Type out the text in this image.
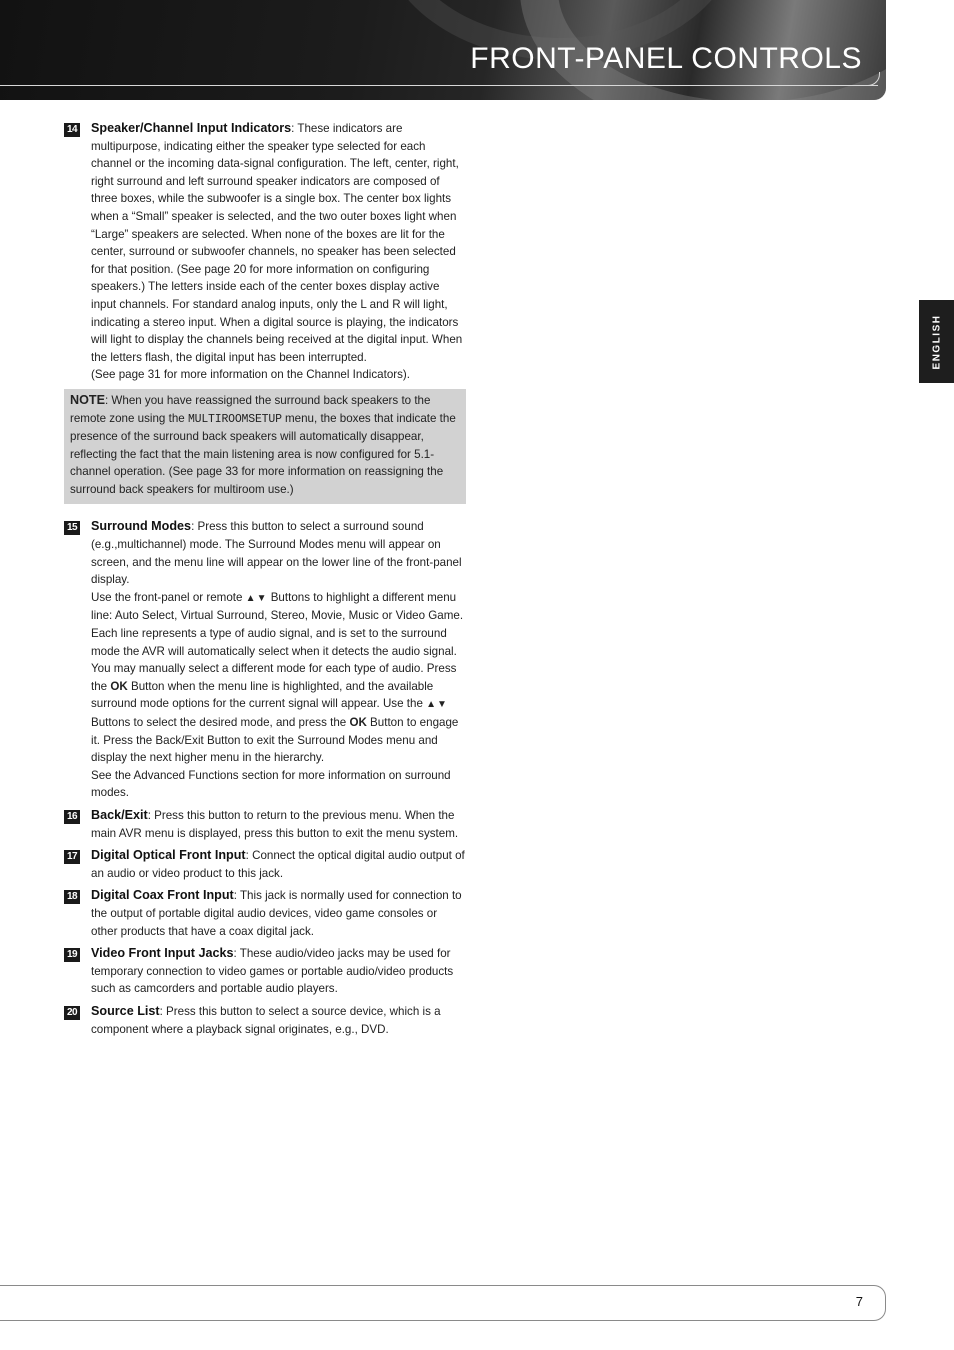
FRONT-PANEL CONTROLS
ENGLISH
14 Speaker/Channel Input Indicators: These indicators are multipurpose, indicating either the speaker type selected for each channel or the incoming data-signal configuration. The left, center, right, right surround and left surround speaker indicators are composed of three boxes, while the subwoofer is a single box. The center box lights when a “Small” speaker is selected, and the two outer boxes light when “Large” speakers are selected. When none of the boxes are lit for the center, surround or subwoofer channels, no speaker has been selected for that position. (See page 20 for more information on configuring speakers.) The letters inside each of the center boxes display active input channels. For standard analog inputs, only the L and R will light, indicating a stereo input. When a digital source is playing, the indicators will light to display the channels being received at the digital input. When the letters flash, the digital input has been interrupted.
(See page 31 for more information on the Channel Indicators).
NOTE: When you have reassigned the surround back speakers to the remote zone using the MULTIROOMSETUP menu, the boxes that indicate the presence of the surround back speakers will automatically disappear, reflecting the fact that the main listening area is now configured for 5.1-channel operation. (See page 33 for more information on reassigning the surround back speakers for multiroom use.)
15 Surround Modes: Press this button to select a surround sound (e.g.,multichannel) mode. The Surround Modes menu will appear on screen, and the menu line will appear on the lower line of the front-panel display.
Use the front-panel or remote ▲▼ Buttons to highlight a different menu line: Auto Select, Virtual Surround, Stereo, Movie, Music or Video Game. Each line represents a type of audio signal, and is set to the surround mode the AVR will automatically select when it detects the audio signal.
You may manually select a different mode for each type of audio. Press the OK Button when the menu line is highlighted, and the available surround mode options for the current signal will appear. Use the ▲▼ Buttons to select the desired mode, and press the OK Button to engage it. Press the Back/Exit Button to exit the Surround Modes menu and display the next higher menu in the hierarchy.
See the Advanced Functions section for more information on surround modes.
16 Back/Exit: Press this button to return to the previous menu. When the main AVR menu is displayed, press this button to exit the menu system.
17 Digital Optical Front Input: Connect the optical digital audio output of an audio or video product to this jack.
18 Digital Coax Front Input: This jack is normally used for connection to the output of portable digital audio devices, video game consoles or other products that have a coax digital jack.
19 Video Front Input Jacks: These audio/video jacks may be used for temporary connection to video games or portable audio/video products such as camcorders and portable audio players.
20 Source List: Press this button to select a source device, which is a component where a playback signal originates, e.g., DVD.
7
